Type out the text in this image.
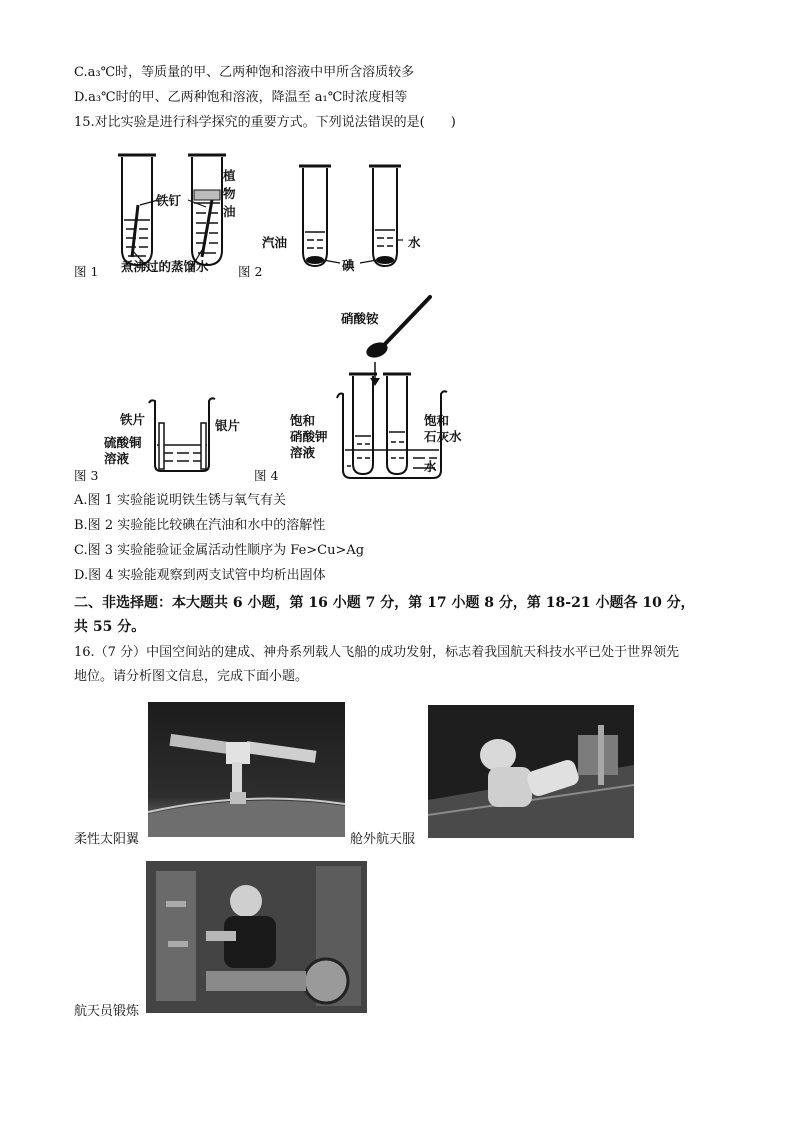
C.a₃℃时，等质量的甲、乙两种饱和溶液中甲所含溶质较多
D.a₃℃时的甲、乙两种饱和溶液，降温至 a₁℃时浓度相等
15.对比实验是进行科学探究的重要方式。下列说法错误的是(　　)
铁钉
植
物
油
煮沸过的蒸馏水
图 1
汽油
碘
水
图 2
铁片	银片
硫酸铜
溶液
图 3
硝酸铵
饱和
硝酸钾
溶液
饱和
石灰水
水
图 4
A.图 1 实验能说明铁生锈与氧气有关
B.图 2 实验能比较碘在汽油和水中的溶解性
C.图 3 实验能验证金属活动性顺序为 Fe>Cu>Ag
D.图 4 实验能观察到两支试管中均析出固体
二、非选择题：本大题共 6 小题，第 16 小题 7 分，第 17 小题 8 分，第 18-21 小题各 10 分，
共 55 分。
16.（7 分）中国空间站的建成、神舟系列载人飞船的成功发射，标志着我国航天科技水平已处于世界领先
地位。请分析图文信息，完成下面小题。
柔性太阳翼	舱外航天服
航天员锻炼
